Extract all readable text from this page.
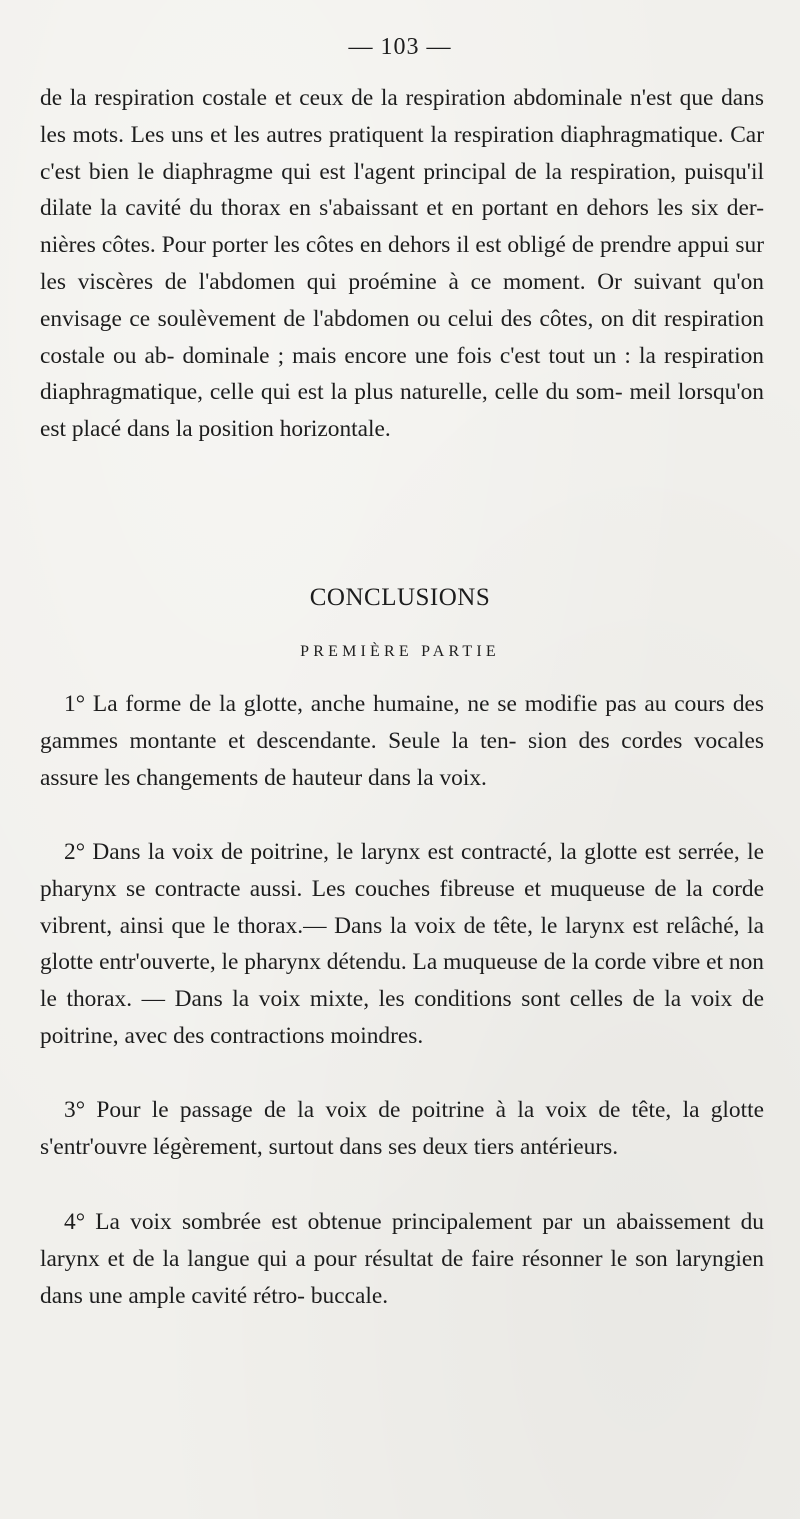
— 103 —

de la respiration costale et ceux de la respiration abdominale n'est que dans les mots. Les uns et les autres pratiquent la respiration diaphragmatique. Car c'est bien le diaphragme qui est l'agent principal de la respiration, puisqu'il dilate la cavité du thorax en s'abaissant et en portant en dehors les six der- nières côtes. Pour porter les côtes en dehors il est obligé de prendre appui sur les viscères de l'abdomen qui proémine à ce moment. Or suivant qu'on envisage ce soulèvement de l'abdomen ou celui des côtes, on dit respiration costale ou ab- dominale ; mais encore une fois c'est tout un : la respiration diaphragmatique, celle qui est la plus naturelle, celle du som- meil lorsqu'on est placé dans la position horizontale.

CONCLUSIONS
PREMIÈRE PARTIE

1° La forme de la glotte, anche humaine, ne se modifie pas au cours des gammes montante et descendante. Seule la ten- sion des cordes vocales assure les changements de hauteur dans la voix.

2° Dans la voix de poitrine, le larynx est contracté, la glotte est serrée, le pharynx se contracte aussi. Les couches fibreuse et muqueuse de la corde vibrent, ainsi que le thorax.— Dans la voix de tête, le larynx est relâché, la glotte entr'ouverte, le pharynx détendu. La muqueuse de la corde vibre et non le thorax. — Dans la voix mixte, les conditions sont celles de la voix de poitrine, avec des contractions moindres.

3° Pour le passage de la voix de poitrine à la voix de tête, la glotte s'entr'ouvre légèrement, surtout dans ses deux tiers antérieurs.

4° La voix sombrée est obtenue principalement par un abaissement du larynx et de la langue qui a pour résultat de faire résonner le son laryngien dans une ample cavité rétro- buccale.
